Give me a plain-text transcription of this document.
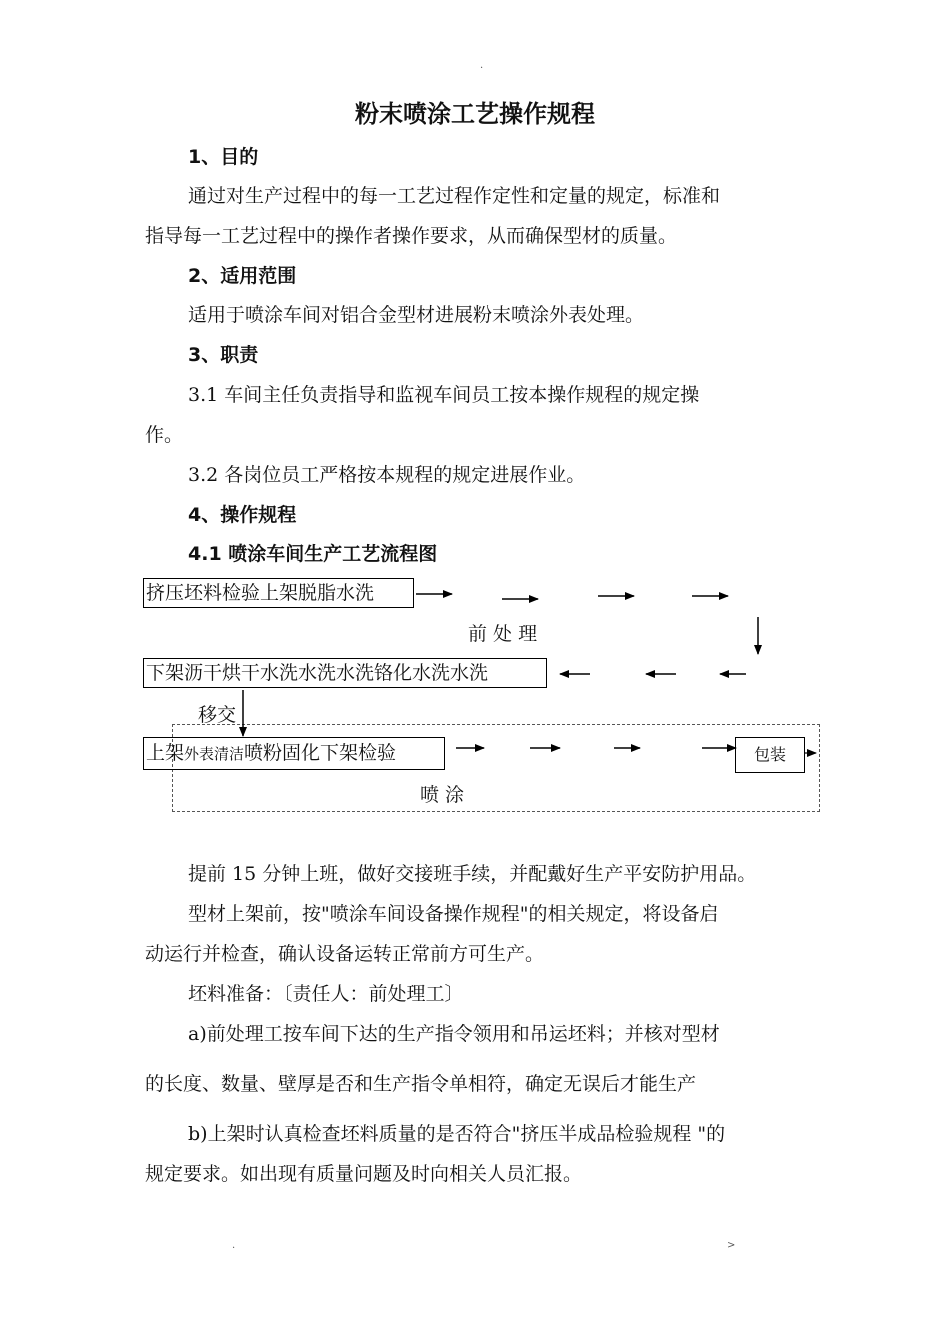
.
粉末喷涂工艺操作规程
1、目的
通过对生产过程中的每一工艺过程作定性和定量的规定，标准和
指导每一工艺过程中的操作者操作要求，从而确保型材的质量。
2、适用范围
适用于喷涂车间对铝合金型材进展粉末喷涂外表处理。
3、职责
3.1 车间主任负责指导和监视车间员工按本操作规程的规定操
作。
3.2 各岗位员工严格按本规程的规定进展作业。
4、操作规程
4.1 喷涂车间生产工艺流程图
挤压坯料检验上架脱脂水洗
前 处 理
下架沥干烘干水洗水洗水洗铬化水洗水洗
移交
上架外表清洁喷粉固化下架检验	包装
喷 涂
提前 15 分钟上班，做好交接班手续，并配戴好生产平安防护用品。
型材上架前，按"喷涂车间设备操作规程"的相关规定，将设备启
动运行并检查，确认设备运转正常前方可生产。
坯料准备：〔责任人：前处理工〕
a)前处理工按车间下达的生产指令领用和吊运坯料；并核对型材
的长度、数量、壁厚是否和生产指令单相符，确定无误后才能生产
b)上架时认真检查坯料质量的是否符合"挤压半成品检验规程 "的
规定要求。如出现有质量问题及时向相关人员汇报。
.	>
